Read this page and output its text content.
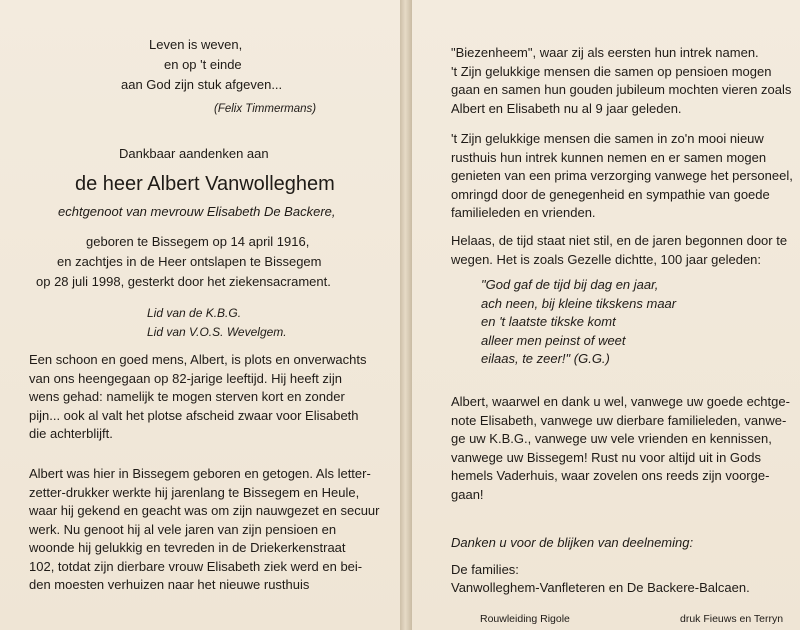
Leven is weven,
en op 't einde
aan God zijn stuk afgeven...
(Felix Timmermans)
Dankbaar aandenken aan
de heer Albert Vanwolleghem
echtgenoot van mevrouw Elisabeth De Backere,
geboren te Bissegem op 14 april 1916,
en zachtjes in de Heer ontslapen te Bissegem
op 28 juli 1998, gesterkt door het ziekensacrament.
Lid van de K.B.G.
Lid van V.O.S. Wevelgem.
Een schoon en goed mens, Albert, is plots en onverwachts
van ons heengegaan op 82-jarige leeftijd. Hij heeft zijn
wens gehad: namelijk te mogen sterven kort en zonder
pijn... ook al valt het plotse afscheid zwaar voor Elisabeth
die achterblijft.
Albert was hier in Bissegem geboren en getogen. Als letter-
zetter-drukker werkte hij jarenlang te Bissegem en Heule,
waar hij gekend en geacht was om zijn nauwgezet en secuur
werk. Nu genoot hij al vele jaren van zijn pensioen en
woonde hij gelukkig en tevreden in de Driekerkenstraat
102, totdat zijn dierbare vrouw Elisabeth ziek werd en bei-
den moesten verhuizen naar het nieuwe rusthuis
"Biezenheem", waar zij als eersten hun intrek namen.
't Zijn gelukkige mensen die samen op pensioen mogen
gaan en samen hun gouden jubileum mochten vieren zoals
Albert en Elisabeth nu al 9 jaar geleden.
't Zijn gelukkige mensen die samen in zo'n mooi nieuw
rusthuis hun intrek kunnen nemen en er samen mogen
genieten van een prima verzorging vanwege het personeel,
omringd door de genegenheid en sympathie van goede
familieleden en vrienden.
Helaas, de tijd staat niet stil, en de jaren begonnen door te
wegen. Het is zoals Gezelle dichtte, 100 jaar geleden:
"God gaf de tijd bij dag en jaar,
ach neen, bij kleine tikskens maar
en 't laatste tikske komt
alleer men peinst of weet
eilaas, te zeer!" (G.G.)
Albert, waarwel en dank u wel, vanwege uw goede echtge-
note Elisabeth, vanwege uw dierbare familieleden, vanwe-
ge uw K.B.G., vanwege uw vele vrienden en kennissen,
vanwege uw Bissegem! Rust nu voor altijd uit in Gods
hemels Vaderhuis, waar zovelen ons reeds zijn voorge-
gaan!
Danken u voor de blijken van deelneming:
De families:
Vanwolleghem-Vanfleteren en De Backere-Balcaen.
Rouwleiding Rigole	druk Fieuws en Terryn
